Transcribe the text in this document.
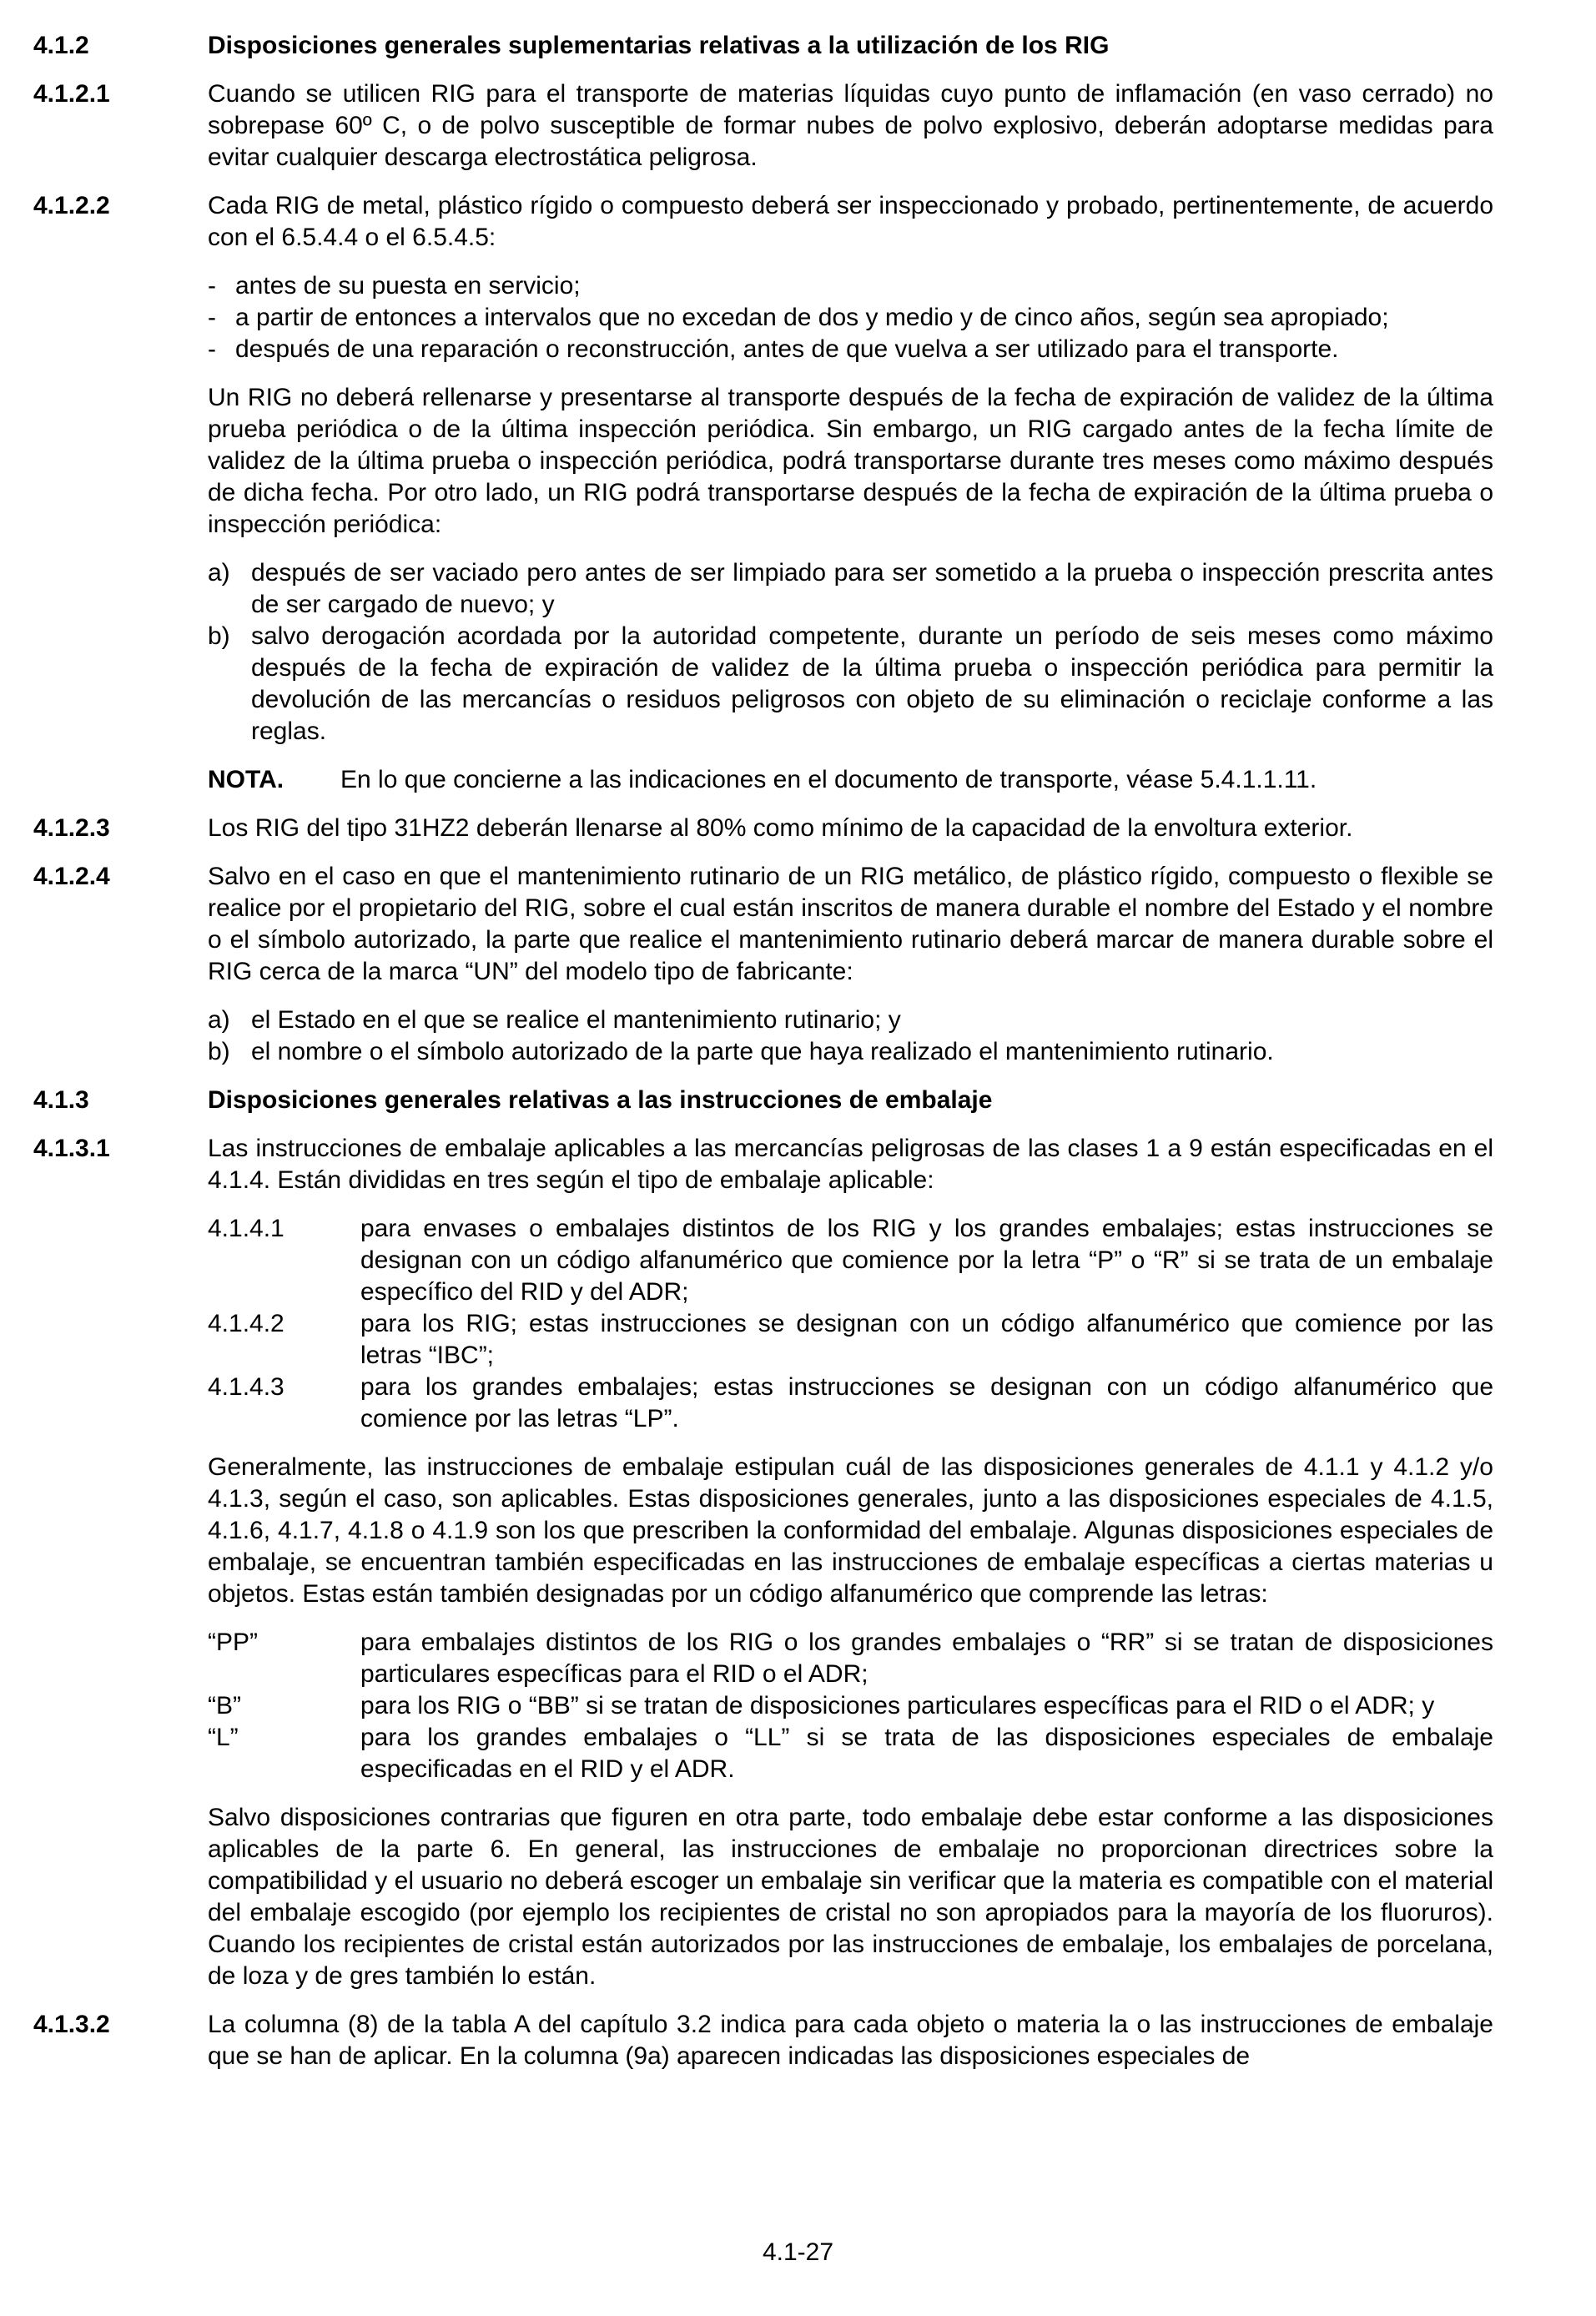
4.1.2	Disposiciones generales suplementarias relativas a la utilización de los RIG
4.1.2.1	Cuando se utilicen RIG para el transporte de materias líquidas cuyo punto de inflamación (en vaso cerrado) no sobrepase 60º C, o de polvo susceptible de formar nubes de polvo explosivo, deberán adoptarse medidas para evitar cualquier descarga electrostática peligrosa.
4.1.2.2	Cada RIG de metal, plástico rígido o compuesto deberá ser inspeccionado y probado, pertinentemente, de acuerdo con el 6.5.4.4 o el 6.5.4.5:
- antes de su puesta en servicio;
- a partir de entonces a intervalos que no excedan de dos y medio y de cinco años, según sea apropiado;
- después de una reparación o reconstrucción, antes de que vuelva a ser utilizado para el transporte.
Un RIG no deberá rellenarse y presentarse al transporte después de la fecha de expiración de validez de la última prueba periódica o de la última inspección periódica. Sin embargo, un RIG cargado antes de la fecha límite de validez de la última prueba o inspección periódica, podrá transportarse durante tres meses como máximo después de dicha fecha. Por otro lado, un RIG podrá transportarse después de la fecha de expiración de la última prueba o inspección periódica:
a) después de ser vaciado pero antes de ser limpiado para ser sometido a la prueba o inspección prescrita antes de ser cargado de nuevo; y
b) salvo derogación acordada por la autoridad competente, durante un período de seis meses como máximo después de la fecha de expiración de validez de la última prueba o inspección periódica para permitir la devolución de las mercancías o residuos peligrosos con objeto de su eliminación o reciclaje conforme a las reglas.
NOTA.	En lo que concierne a las indicaciones en el documento de transporte, véase 5.4.1.1.11.
4.1.2.3	Los RIG del tipo 31HZ2 deberán llenarse al 80% como mínimo de la capacidad de la envoltura exterior.
4.1.2.4	Salvo en el caso en que el mantenimiento rutinario de un RIG metálico, de plástico rígido, compuesto o flexible se realice por el propietario del RIG, sobre el cual están inscritos de manera durable el nombre del Estado y el nombre o el símbolo autorizado, la parte que realice el mantenimiento rutinario deberá marcar de manera durable sobre el RIG cerca de la marca “UN” del modelo tipo de fabricante:
a) el Estado en el que se realice el mantenimiento rutinario; y
b) el nombre o el símbolo autorizado de la parte que haya realizado el mantenimiento rutinario.
4.1.3	Disposiciones generales relativas a las instrucciones de embalaje
4.1.3.1	Las instrucciones de embalaje aplicables a las mercancías peligrosas de las clases 1 a 9 están especificadas en el 4.1.4. Están divididas en tres según el tipo de embalaje aplicable:
4.1.4.1	para envases o embalajes distintos de los RIG y los grandes embalajes; estas instrucciones se designan con un código alfanumérico que comience por la letra “P” o “R” si se trata de un embalaje específico del RID y del ADR;
4.1.4.2	para los RIG; estas instrucciones se designan con un código alfanumérico que comience por las letras “IBC”;
4.1.4.3	para los grandes embalajes; estas instrucciones se designan con un código alfanumérico que comience por las letras “LP”.
Generalmente, las instrucciones de embalaje estipulan cuál de las disposiciones generales de 4.1.1 y 4.1.2 y/o 4.1.3, según el caso, son aplicables. Estas disposiciones generales, junto a las disposiciones especiales de 4.1.5, 4.1.6, 4.1.7, 4.1.8 o 4.1.9 son los que prescriben la conformidad del embalaje. Algunas disposiciones especiales de embalaje, se encuentran también especificadas en las instrucciones de embalaje específicas a ciertas materias u objetos. Estas están también designadas por un código alfanumérico que comprende las letras:
“PP”	para embalajes distintos de los RIG o los grandes embalajes o “RR” si se tratan de disposiciones particulares específicas para el RID o el ADR;
“B”	para los RIG o “BB” si se tratan de disposiciones particulares específicas para el RID o el ADR; y
“L”	para los grandes embalajes o “LL” si se trata de las disposiciones especiales de embalaje especificadas en el RID y el ADR.
Salvo disposiciones contrarias que figuren en otra parte, todo embalaje debe estar conforme a las disposiciones aplicables de la parte 6. En general, las instrucciones de embalaje no proporcionan directrices sobre la compatibilidad y el usuario no deberá escoger un embalaje sin verificar que la materia es compatible con el material del embalaje escogido (por ejemplo los recipientes de cristal no son apropiados para la mayoría de los fluoruros). Cuando los recipientes de cristal están autorizados por las instrucciones de embalaje, los embalajes de porcelana, de loza y de gres también lo están.
4.1.3.2	La columna (8) de la tabla A del capítulo 3.2 indica para cada objeto o materia la o las instrucciones de embalaje que se han de aplicar. En la columna (9a) aparecen indicadas las disposiciones especiales de
4.1-27
